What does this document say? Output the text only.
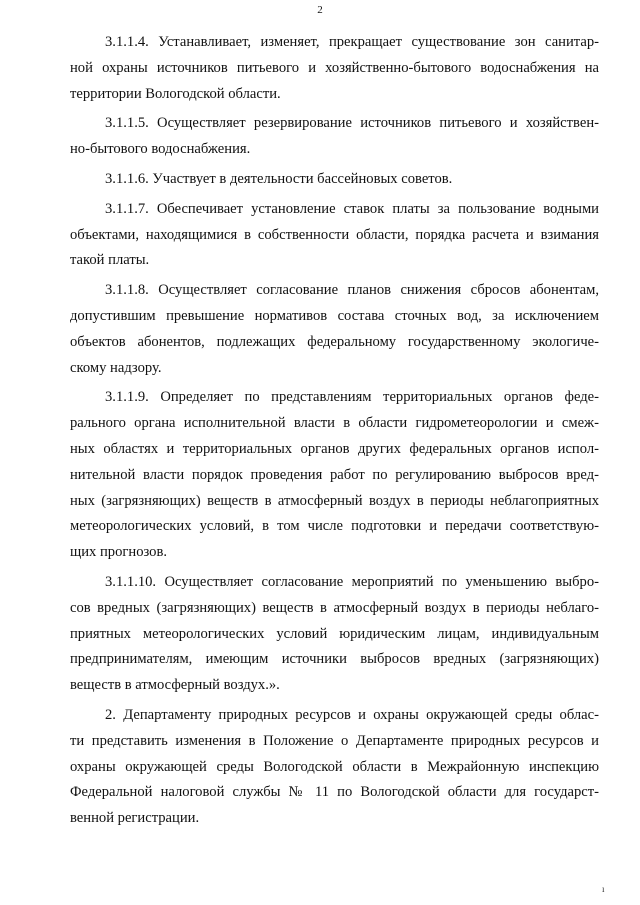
2

3.1.1.4. Устанавливает, изменяет, прекращает существование зон санитар-
ной охраны источников питьевого и хозяйственно-бытового водоснабжения на
территории Вологодской области.

3.1.1.5. Осуществляет резервирование источников питьевого и хозяйствен-
но-бытового водоснабжения.

3.1.1.6. Участвует в деятельности бассейновых советов.

3.1.1.7. Обеспечивает установление ставок платы за пользование водными
объектами, находящимися в собственности области, порядка расчета и взимания
такой платы.

3.1.1.8. Осуществляет согласование планов снижения сбросов абонентам,
допустившим превышение нормативов состава сточных вод, за исключением
объектов абонентов, подлежащих федеральному государственному экологиче-
скому надзору.

3.1.1.9. Определяет по представлениям территориальных органов феде-
рального органа исполнительной власти в области гидрометеорологии и смеж-
ных областях и территориальных органов других федеральных органов испол-
нительной власти порядок проведения работ по регулированию выбросов вред-
ных (загрязняющих) веществ в атмосферный воздух в периоды неблагоприятных
метеорологических условий, в том числе подготовки и передачи соответствую-
щих прогнозов.

3.1.1.10. Осуществляет согласование мероприятий по уменьшению выбро-
сов вредных (загрязняющих) веществ в атмосферный воздух в периоды неблаго-
приятных метеорологических условий юридическим лицам, индивидуальным
предпринимателям, имеющим источники выбросов вредных (загрязняющих)
веществ в атмосферный воздух.».

2. Департаменту природных ресурсов и охраны окружающей среды облас-
ти представить изменения в Положение о Департаменте природных ресурсов и
охраны окружающей среды Вологодской области в Межрайонную инспекцию
Федеральной налоговой службы № 11 по Вологодской области для государст-
венной регистрации.

ı
